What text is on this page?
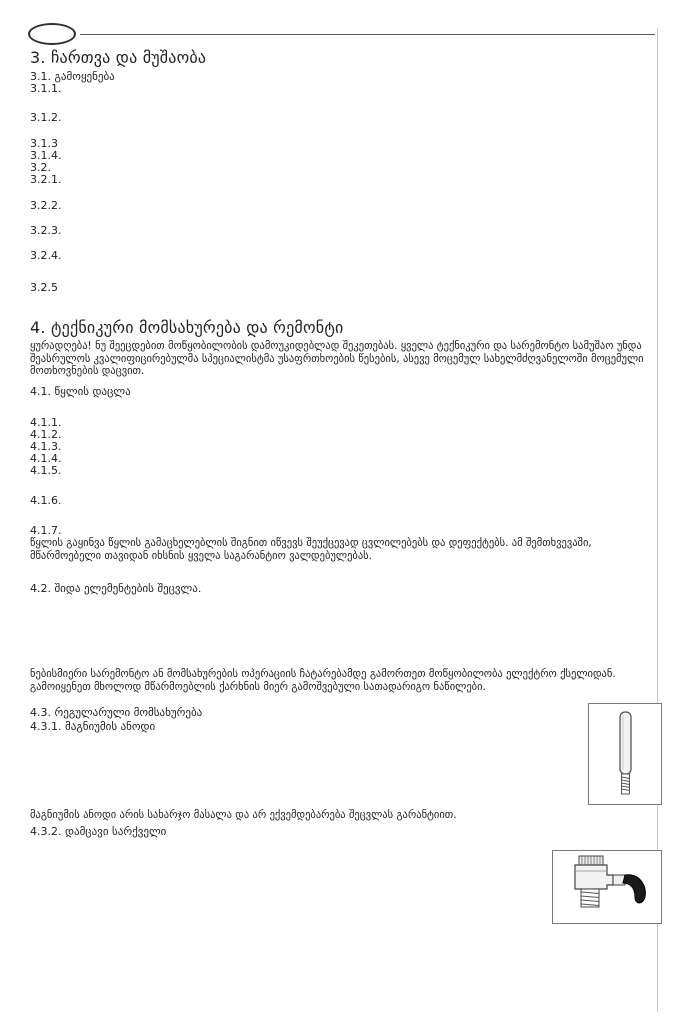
3. ჩართვა და მუშაობა
3.1. გამოყენება
3.1.1.
3.1.2.
3.1.3
3.1.4.
3.2.
3.2.1.
3.2.2.
3.2.3.
3.2.4.
3.2.5
4. ტექნიკური მომსახურება და რემონტი
ყურადღება! ნუ შეეცდებით მოწყობილობის დამოუკიდებლად შეკეთებას. ყველა ტექნიკური და სარემონტო სამუშაო უნდა შეასრულოს კვალიფიცირებულმა სპეციალისტმა უსაფრთხოების წესების, ასევე მოცემულ სახელმძღვანელოში მოცემული მოთხოვნების დაცვით.
4.1. წყლის დაცლა
4.1.1.
4.1.2.
4.1.3.
4.1.4.
4.1.5.
4.1.6.
4.1.7.
წყლის გაყინვა წყლის გამაცხელებლის შიგნით იწვევს შეუქცევად ცვლილებებს და დეფექტებს. ამ შემთხვევაში, მწარმოებელი თავიდან იხსნის ყველა საგარანტიო ვალდებულებას.
4.2. შიდა ელემენტების შეცვლა.
ნებისმიერი სარემონტო ან მომსახურების ოპერაციის ჩატარებამდე გამორთეთ მოწყობილობა ელექტრო ქსელიდან. გამოიყენეთ მხოლოდ მწარმოებლის ქარხნის მიერ გამოშვებული სათადარიგო ნაწილები.
4.3. რეგულარული მომსახურება
4.3.1. მაგნიუმის ანოდი
მაგნიუმის ანოდი არის სახარჯო მასალა და არ ექვემდებარება შეცვლას გარანტიით.
4.3.2. დამცავი სარქველი
